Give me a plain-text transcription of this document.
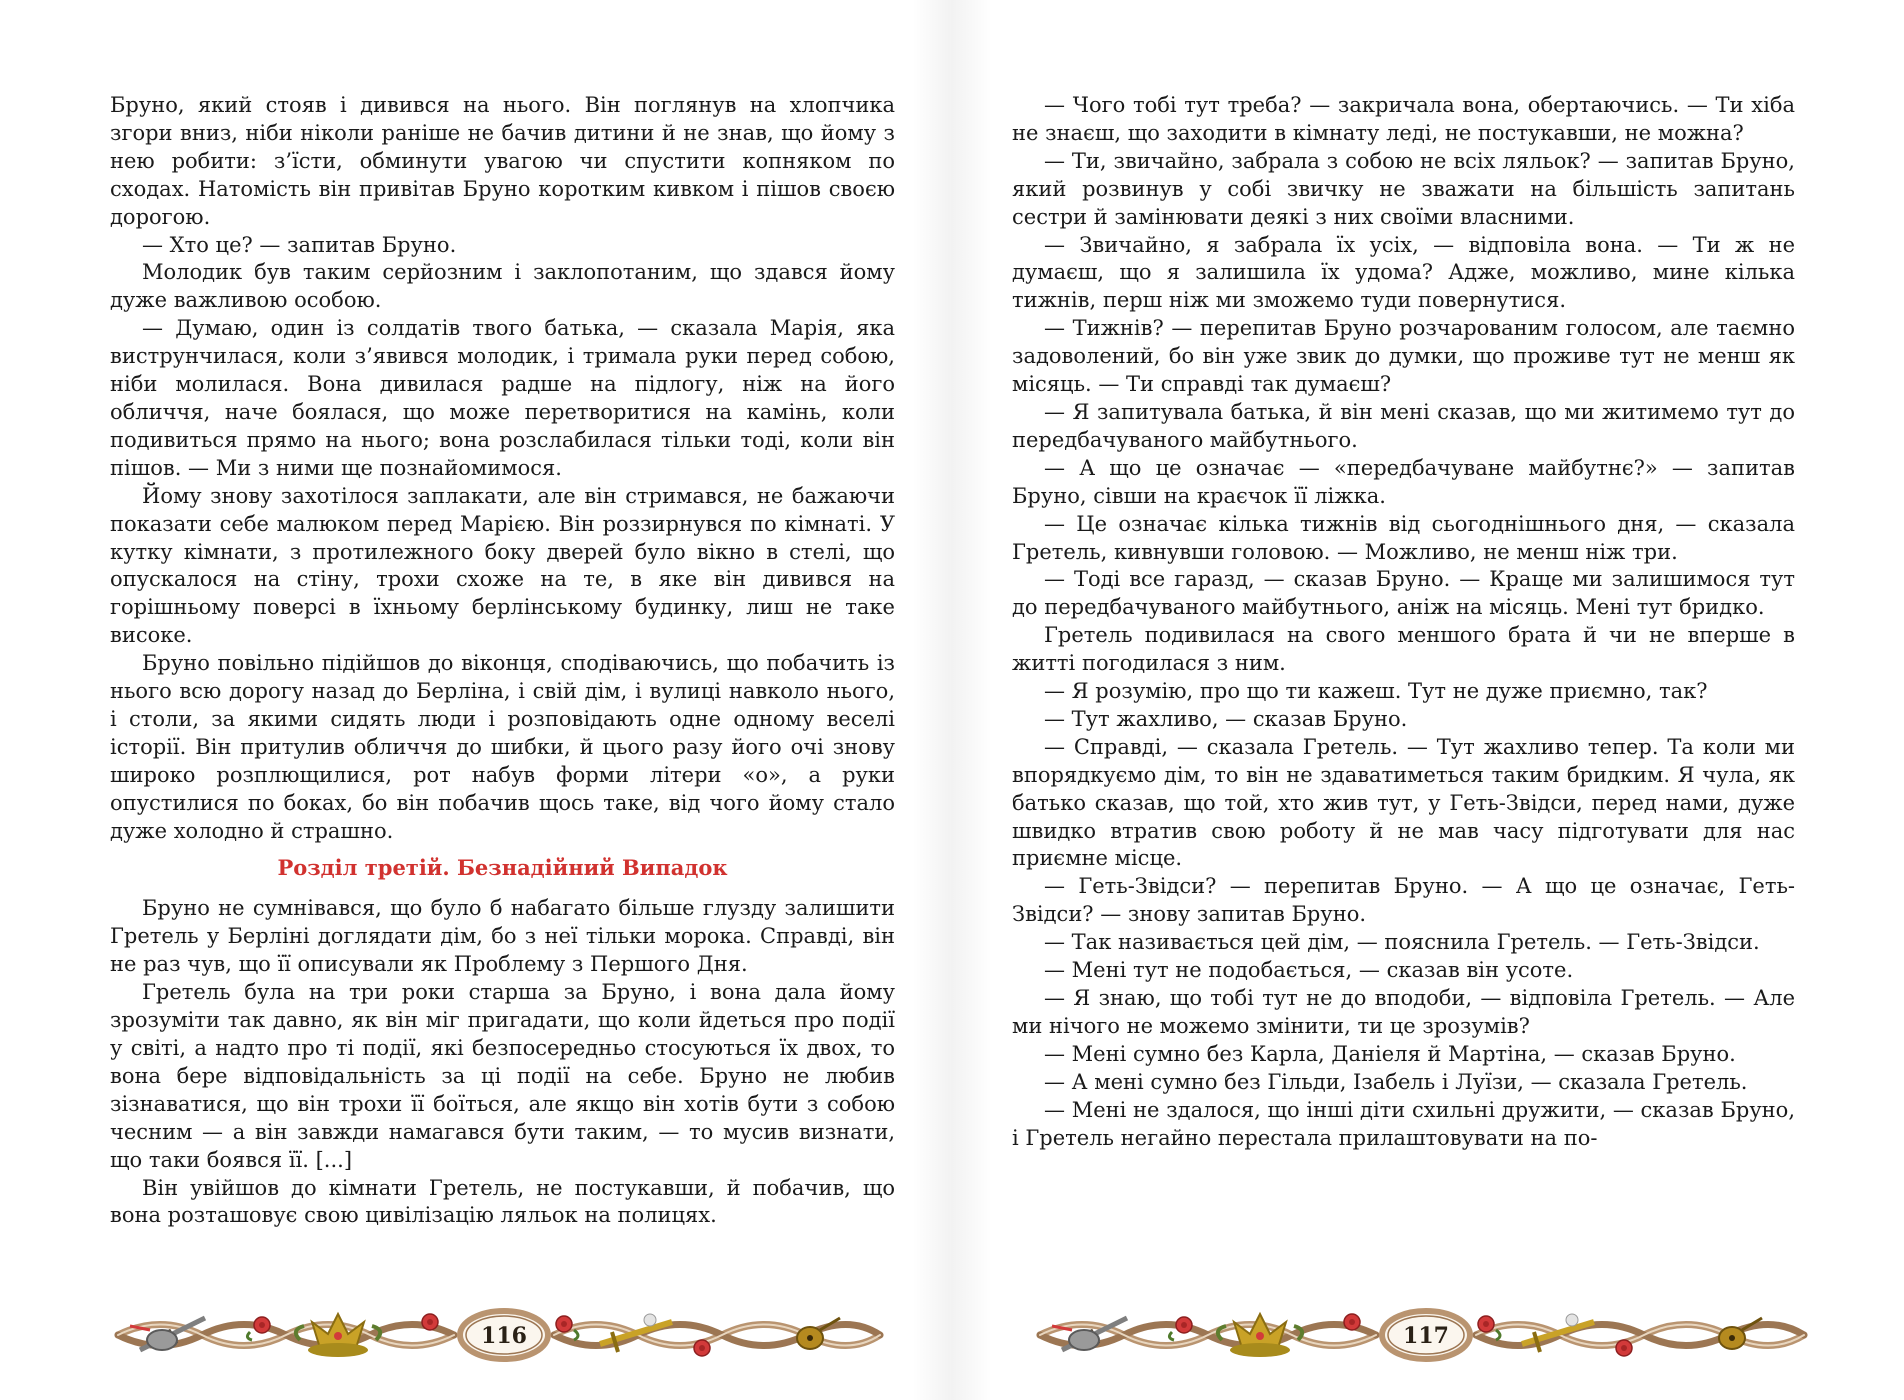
Бруно, який стояв і дивився на нього. Він поглянув на хлопчика згори вниз, ніби ніколи раніше не бачив дитини й не знав, що йому з нею робити: з’їсти, обминути увагою чи спустити копняком по сходах. Натомість він привітав Бруно коротким кивком і пішов своєю дорогою.

— Хто це? — запитав Бруно.

Молодик був таким серйозним і заклопотаним, що здався йому дуже важливою особою.

— Думаю, один із солдатів твого батька, — сказала Марія, яка виструнчилася, коли з’явився молодик, і тримала руки перед собою, ніби молилася. Вона дивилася радше на підлогу, ніж на його обличчя, наче боялася, що може перетворитися на камінь, коли подивиться прямо на нього; вона розслабилася тільки тоді, коли він пішов. — Ми з ними ще познайомимося.

Йому знову захотілося заплакати, але він стримався, не бажаючи показати себе малюком перед Марією. Він роззирнувся по кімнаті. У кутку кімнати, з протилежного боку дверей було вікно в стелі, що опускалося на стіну, трохи схоже на те, в яке він дивився на горішньому поверсі в їхньому берлінському будинку, лиш не таке високе.

Бруно повільно підійшов до віконця, сподіваючись, що побачить із нього всю дорогу назад до Берліна, і свій дім, і вулиці навколо нього, і столи, за якими сидять люди і розповідають одне одному веселі історії. Він притулив обличчя до шибки, й цього разу його очі знову широко розплющилися, рот набув форми літери «о», а руки опустилися по боках, бо він побачив щось таке, від чого йому стало дуже холодно й страшно.

Розділ третій. Безнадійний Випадок

Бруно не сумнівався, що було б набагато більше глузду залишити Гретель у Берліні доглядати дім, бо з неї тільки морока. Справді, він не раз чув, що її описували як Проблему з Першого Дня.

Гретель була на три роки старша за Бруно, і вона дала йому зрозуміти так давно, як він міг пригадати, що коли йдеться про події у світі, а надто про ті події, які безпосередньо стосуються їх двох, то вона бере відповідальність за ці події на себе. Бруно не любив зізнаватися, що він трохи її боїться, але якщо він хотів бути з собою чесним — а він завжди намагався бути таким, — то мусив визнати, що таки боявся її. [...]

Він увійшов до кімнати Гретель, не постукавши, й побачив, що вона розташовує свою цивілізацію ляльок на полицях.

116

— Чого тобі тут треба? — закричала вона, обертаючись. — Ти хіба не знаєш, що заходити в кімнату леді, не постукавши, не можна?

— Ти, звичайно, забрала з собою не всіх ляльок? — запитав Бруно, який розвинув у собі звичку не зважати на більшість запитань сестри й замінювати деякі з них своїми власними.

— Звичайно, я забрала їх усіх, — відповіла вона. — Ти ж не думаєш, що я залишила їх удома? Адже, можливо, мине кілька тижнів, перш ніж ми зможемо туди повернутися.

— Тижнів? — перепитав Бруно розчарованим голосом, але таємно задоволений, бо він уже звик до думки, що проживе тут не менш як місяць. — Ти справді так думаєш?

— Я запитувала батька, й він мені сказав, що ми житимемо тут до передбачуваного майбутнього.

— А що це означає — «передбачуване майбутнє?» — запитав Бруно, сівши на краєчок її ліжка.

— Це означає кілька тижнів від сьогоднішнього дня, — сказала Гретель, кивнувши головою. — Можливо, не менш ніж три.

— Тоді все гаразд, — сказав Бруно. — Краще ми залишимося тут до передбачуваного майбутнього, аніж на місяць. Мені тут бридко.

Гретель подивилася на свого меншого брата й чи не вперше в житті погодилася з ним.

— Я розумію, про що ти кажеш. Тут не дуже приємно, так?

— Тут жахливо, — сказав Бруно.

— Справді, — сказала Гретель. — Тут жахливо тепер. Та коли ми впорядкуємо дім, то він не здаватиметься таким бридким. Я чула, як батько сказав, що той, хто жив тут, у Геть-Звідси, перед нами, дуже швидко втратив свою роботу й не мав часу підготувати для нас приємне місце.

— Геть-Звідси? — перепитав Бруно. — А що це означає, Геть-Звідси? — знову запитав Бруно.

— Так називається цей дім, — пояснила Гретель. — Геть-Звідси.

— Мені тут не подобається, — сказав він усоте.

— Я знаю, що тобі тут не до вподоби, — відповіла Гретель. — Але ми нічого не можемо змінити, ти це зрозумів?

— Мені сумно без Карла, Даніеля й Мартіна, — сказав Бруно.

— А мені сумно без Гільди, Ізабель і Луїзи, — сказала Гретель.

— Мені не здалося, що інші діти схильні дружити, — сказав Бруно, і Гретель негайно перестала прилаштовувати на по-

117
